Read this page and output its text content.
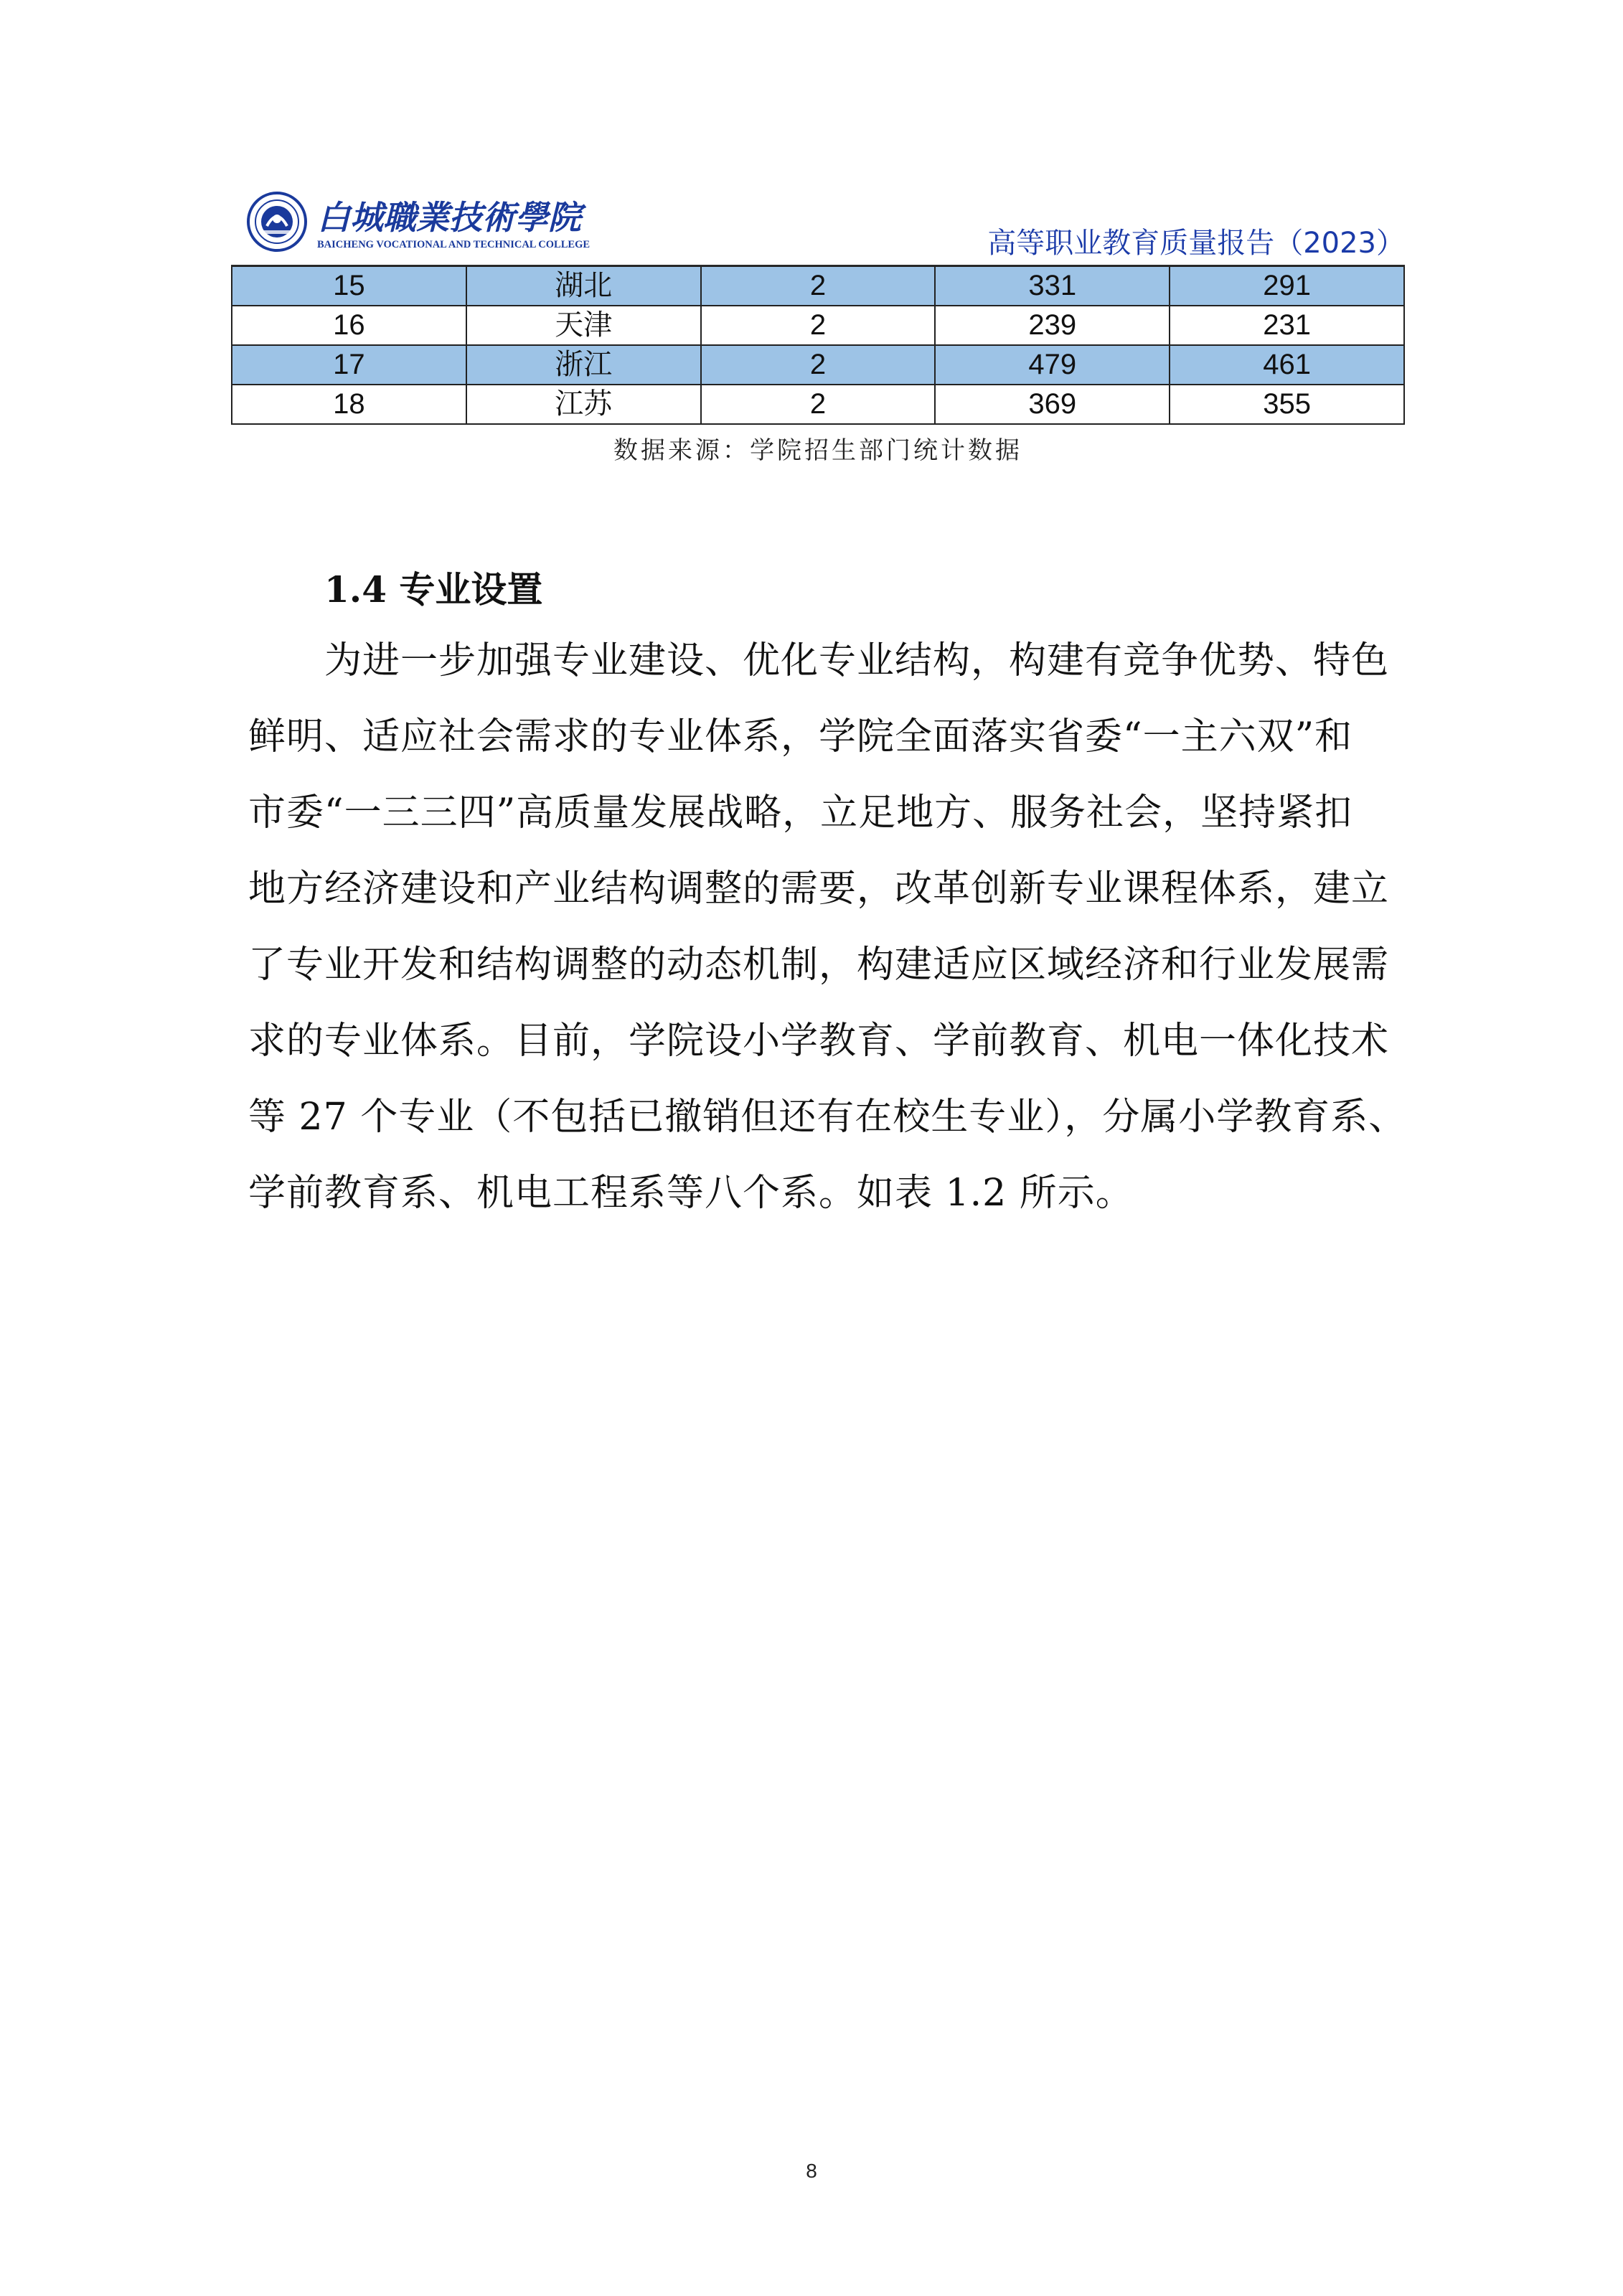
白城職業技術學院
BAICHENG VOCATIONAL AND TECHNICAL COLLEGE	高等职业教育质量报告（2023）
15	湖北	2	331	291
16	天津	2	239	231
17	浙江	2	479	461
18	江苏	2	369	355
数据来源：学院招生部门统计数据
1.4 专业设置
为进一步加强专业建设、优化专业结构，构建有竞争优势、特色
鲜明、适应社会需求的专业体系，学院全面落实省委“一主六双”和
市委“一三三四”高质量发展战略，立足地方、服务社会，坚持紧扣
地方经济建设和产业结构调整的需要，改革创新专业课程体系，建立
了专业开发和结构调整的动态机制，构建适应区域经济和行业发展需
求的专业体系。目前，学院设小学教育、学前教育、机电一体化技术
等 27 个专业（不包括已撤销但还有在校生专业），分属小学教育系、
学前教育系、机电工程系等八个系。如表 1.2 所示。
8
